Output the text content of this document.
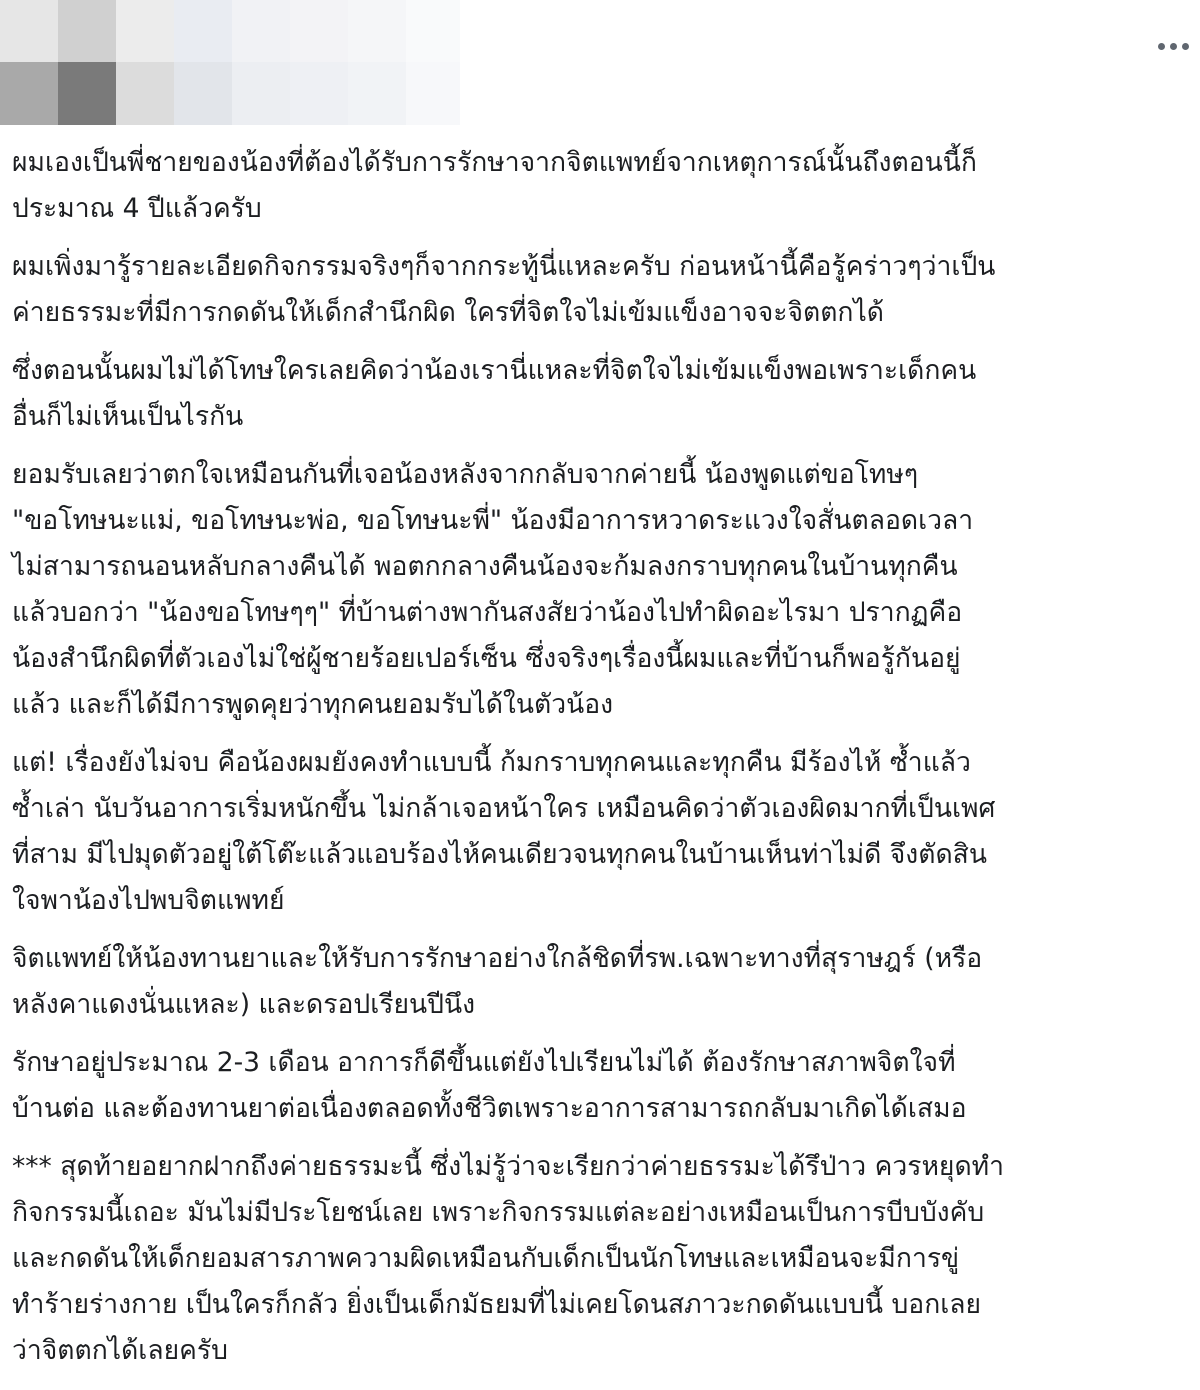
ผมเองเป็นพี่ชายของน้องที่ต้องได้รับการรักษาจากจิตแพทย์จากเหตุการณ์นั้นถึงตอนนี้ก็
ประมาณ 4 ปีแล้วครับ

ผมเพิ่งมารู้รายละเอียดกิจกรรมจริงๆก็จากกระทู้นี่แหละครับ ก่อนหน้านี้คือรู้คร่าวๆว่าเป็น
ค่ายธรรมะที่มีการกดดันให้เด็กสำนึกผิด ใครที่จิตใจไม่เข้มแข็งอาจจะจิตตกได้

ซึ่งตอนนั้นผมไม่ได้โทษใครเลยคิดว่าน้องเรานี่แหละที่จิตใจไม่เข้มแข็งพอเพราะเด็กคน
อื่นก็ไม่เห็นเป็นไรกัน

ยอมรับเลยว่าตกใจเหมือนกันที่เจอน้องหลังจากกลับจากค่ายนี้ น้องพูดแต่ขอโทษๆ
"ขอโทษนะแม่, ขอโทษนะพ่อ, ขอโทษนะพี่" น้องมีอาการหวาดระแวงใจสั่นตลอดเวลา
ไม่สามารถนอนหลับกลางคืนได้ พอตกกลางคืนน้องจะก้มลงกราบทุกคนในบ้านทุกคืน
แล้วบอกว่า "น้องขอโทษๆๆ" ที่บ้านต่างพากันสงสัยว่าน้องไปทำผิดอะไรมา ปรากฏคือ
น้องสำนึกผิดที่ตัวเองไม่ใช่ผู้ชายร้อยเปอร์เซ็น ซึ่งจริงๆเรื่องนี้ผมและที่บ้านก็พอรู้กันอยู่
แล้ว และก็ได้มีการพูดคุยว่าทุกคนยอมรับได้ในตัวน้อง

แต่! เรื่องยังไม่จบ คือน้องผมยังคงทำแบบนี้ ก้มกราบทุกคนและทุกคืน มีร้องไห้ ซ้ำแล้ว
ซ้ำเล่า นับวันอาการเริ่มหนักขึ้น ไม่กล้าเจอหน้าใคร เหมือนคิดว่าตัวเองผิดมากที่เป็นเพศ
ที่สาม มีไปมุดตัวอยู่ใต้โต๊ะแล้วแอบร้องไห้คนเดียวจนทุกคนในบ้านเห็นท่าไม่ดี จึงตัดสิน
ใจพาน้องไปพบจิตแพทย์

จิตแพทย์ให้น้องทานยาและให้รับการรักษาอย่างใกล้ชิดที่รพ.เฉพาะทางที่สุราษฎร์ (หรือ
หลังคาแดงนั่นแหละ) และดรอปเรียนปีนึง

รักษาอยู่ประมาณ 2-3 เดือน อาการก็ดีขึ้นแต่ยังไปเรียนไม่ได้ ต้องรักษาสภาพจิตใจที่
บ้านต่อ และต้องทานยาต่อเนื่องตลอดทั้งชีวิตเพราะอาการสามารถกลับมาเกิดได้เสมอ

*** สุดท้ายอยากฝากถึงค่ายธรรมะนี้ ซึ่งไม่รู้ว่าจะเรียกว่าค่ายธรรมะได้รึป่าว ควรหยุดทำ
กิจกรรมนี้เถอะ มันไม่มีประโยชน์เลย เพราะกิจกรรมแต่ละอย่างเหมือนเป็นการบีบบังคับ
และกดดันให้เด็กยอมสารภาพความผิดเหมือนกับเด็กเป็นนักโทษและเหมือนจะมีการขู่
ทำร้ายร่างกาย เป็นใครก็กลัว ยิ่งเป็นเด็กมัธยมที่ไม่เคยโดนสภาวะกดดันแบบนี้ บอกเลย
ว่าจิตตกได้เลยครับ
